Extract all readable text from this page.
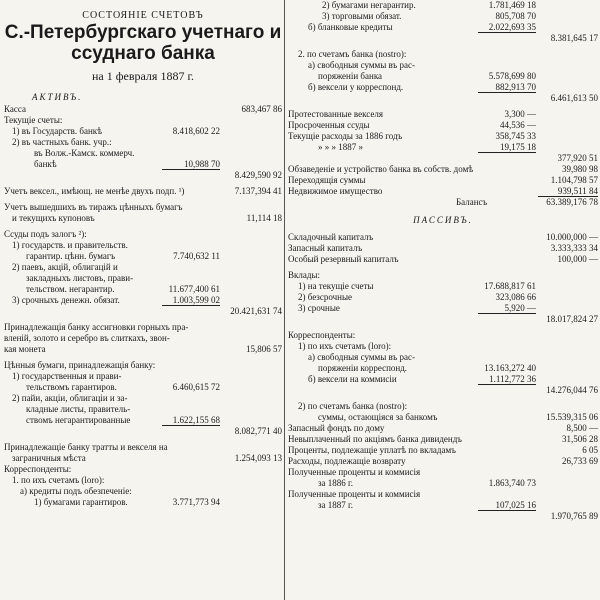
СОСТОЯНІЕ СЧЕТОВЪ
С.-Петербургскаго учетнаго и
ссуднаго банка
на 1 февраля 1887 г.
АКТИВЪ.
Касса	683,467 86
Текущіе счеты:
1) въ Государств. банкѣ	8.418,602 22
2) въ частныхъ банк. учр.:
въ Волж.-Камск. коммерч.
банкѣ	10,988 70
8.429,590 92
Учетъ вексел., имѣющ. не менѣе двухъ подп. ¹)	7.137,394 41
Учетъ вышедшихъ въ тиражъ цѣнныхъ бумагъ
и текущихъ купоновъ	11,114 18
Ссуды подъ залогъ ²):
1) государств. и правительств.
гарантир. цѣнн. бумагъ	7.740,632 11
2) паевъ, акцій, облигацій и
закладныхъ листовъ, прави-
тельством. негарантир.	11.677,400 61
3) срочныхъ денежн. обязат.	1.003,599 02
20.421,631 74
Принадлежащія банку ассигновки горныхъ пра-
вленій, золото и серебро въ слиткахъ, звон-
кая монета	15,806 57
Цѣнныя бумаги, принадлежащія банку:
1) государственныя и прави-
тельствомъ гарантиров.	6.460,615 72
2) пайи, акціи, облигаціи и за-
кладные листы, правитель-
ствомъ негарантированные	1.622,155 68
8.082,771 40
Принадлежащіе банку тратты и векселя на
заграничныя мѣста	1.254,093 13
Корреспонденты:
1. по ихъ счетамъ (loro):
а) кредиты подъ обезпеченіе:
1) бумагами гарантиров.	3.771,773 94
2) бумагами негарантир.	1.781,469 18
3) торговыми обязат.	805,708 70
б) бланковые кредиты	2.022,693 35
8.381,645 17
2. по счетамъ банка (nostro):
а) свободныя суммы въ рас-
поряженіи банка	5.578,699 80
б) вексели у корреспонд.	882,913 70
6.461,613 50
Протестованные векселя	3,300 —
Просроченныя ссуды	44,536 —
Текущіе расходы за 1886 годъ	358,745 33
» » » 1887 »	19,175 18
377,920 51
Обзаведеніе и устройство банка въ собств. домѣ	39,980 98
Переходящія суммы	1.104,798 57
Недвижимое имущество	939,511 84
Балансъ	63.389,176 78
ПАССИВЪ.
Складочный капиталъ	10.000,000 —
Запасный капиталъ	3.333,333 34
Особый резервный капиталъ	100,000 —
Вклады:
1) на текущіе счеты	17.688,817 61
2) безсрочные	323,086 66
3) срочные	5,920 —
18.017,824 27
Корреспонденты:
1) по ихъ счетамъ (loro):
а) свободныя суммы въ рас-
поряженіи корреспонд.	13.163,272 40
б) вексели на коммисіи	1.112,772 36
14.276,044 76
2) по счетамъ банка (nostro):
суммы, остающіяся за банкомъ	15.539,315 06
Запасный фондъ по дому	8,500 —
Невыплаченный по акціямъ банка дивидендъ	31,506 28
Проценты, подлежащіе уплатѣ по вкладамъ	6 05
Расходы, подлежащіе возврату	26,733 69
Полученные проценты и коммисія
за 1886 г.	1.863,740 73
Полученные проценты и коммисія
за 1887 г.	107,025 16
1.970,765 89
